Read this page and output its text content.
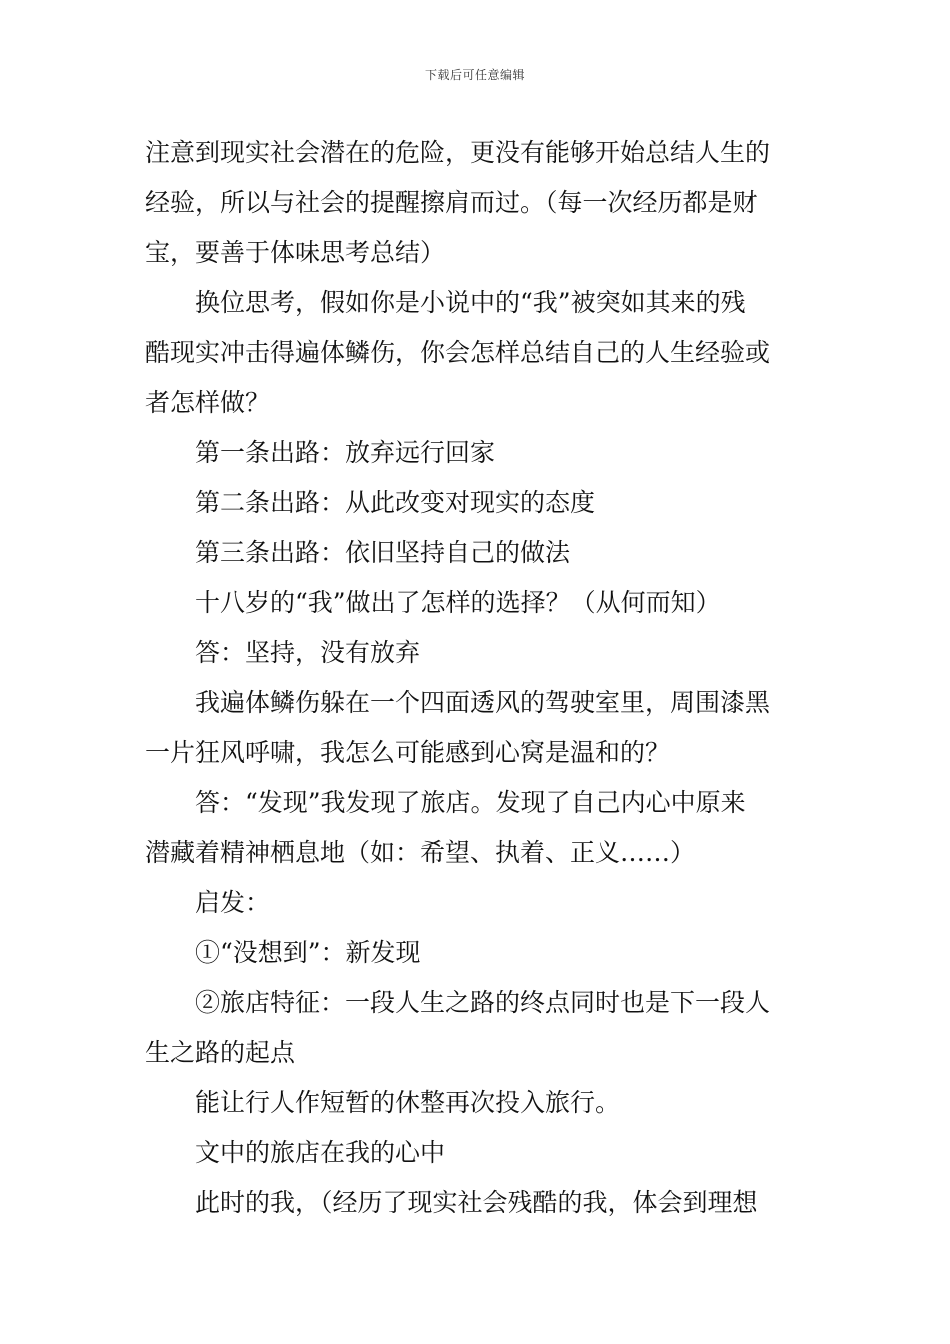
下载后可任意编辑
注意到现实社会潜在的危险，更没有能够开始总结人生的
经验，所以与社会的提醒擦肩而过。（每一次经历都是财
宝，要善于体味思考总结）
换位思考，假如你是小说中的“我”被突如其来的残
酷现实冲击得遍体鳞伤，你会怎样总结自己的人生经验或
者怎样做？
第一条出路：放弃远行回家
第二条出路：从此改变对现实的态度
第三条出路：依旧坚持自己的做法
十八岁的“我”做出了怎样的选择？（从何而知）
答：坚持，没有放弃
我遍体鳞伤躲在一个四面透风的驾驶室里，周围漆黑
一片狂风呼啸，我怎么可能感到心窝是温和的？
答：“发现”我发现了旅店。发现了自己内心中原来
潜藏着精神栖息地（如：希望、执着、正义……）
启发：
①“没想到”：新发现
②旅店特征：一段人生之路的终点同时也是下一段人
生之路的起点
能让行人作短暂的休整再次投入旅行。
文中的旅店在我的心中
此时的我，（经历了现实社会残酷的我，体会到理想
